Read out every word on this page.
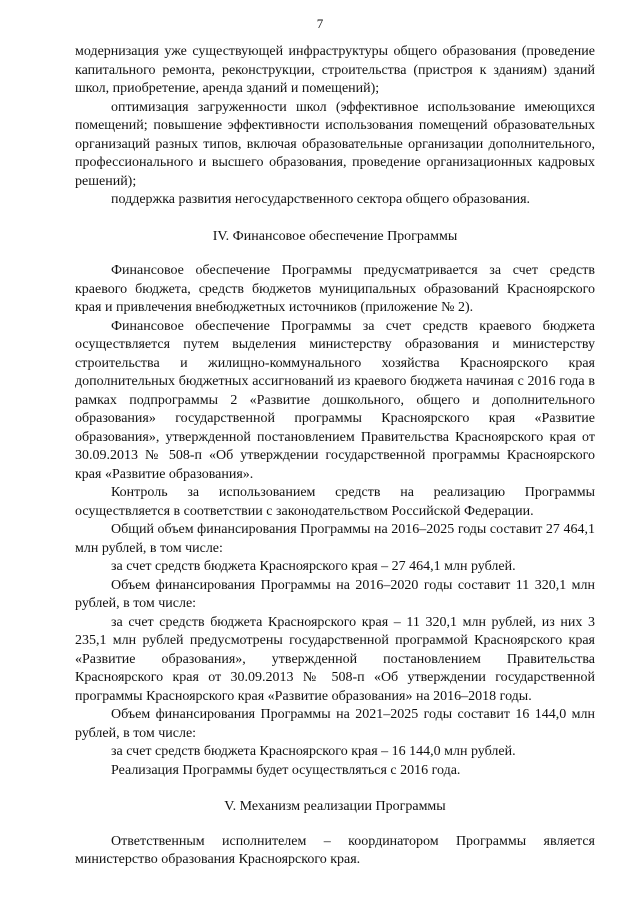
7

модернизация уже существующей инфраструктуры общего образования (проведение капитального ремонта, реконструкции, строительства (пристроя к зданиям) зданий школ, приобретение, аренда зданий и помещений);

оптимизация загруженности школ (эффективное использование имеющихся помещений; повышение эффективности использования помещений образовательных организаций разных типов, включая образовательные организации дополнительного, профессионального и высшего образования, проведение организационных кадровых решений);

поддержка развития негосударственного сектора общего образования.

IV. Финансовое обеспечение Программы

Финансовое обеспечение Программы предусматривается за счет средств краевого бюджета, средств бюджетов муниципальных образований Красноярского края и привлечения внебюджетных источников (приложение № 2).

Финансовое обеспечение Программы за счет средств краевого бюджета осуществляется путем выделения министерству образования и министерству строительства и жилищно-коммунального хозяйства Красноярского края дополнительных бюджетных ассигнований из краевого бюджета начиная с 2016 года в рамках подпрограммы 2 «Развитие дошкольного, общего и дополнительного образования» государственной программы Красноярского края «Развитие образования», утвержденной постановлением Правительства Красноярского края от 30.09.2013 № 508-п «Об утверждении государственной программы Красноярского края «Развитие образования».

Контроль за использованием средств на реализацию Программы осуществляется в соответствии с законодательством Российской Федерации.

Общий объем финансирования Программы на 2016–2025 годы составит 27 464,1 млн рублей, в том числе:

за счет средств бюджета Красноярского края – 27 464,1 млн рублей.

Объем финансирования Программы на 2016–2020 годы составит 11 320,1 млн рублей, в том числе:

за счет средств бюджета Красноярского края – 11 320,1 млн рублей, из них 3 235,1 млн рублей предусмотрены государственной программой Красноярского края «Развитие образования», утвержденной постановлением Правительства Красноярского края от 30.09.2013 № 508-п «Об утверждении государственной программы Красноярского края «Развитие образования» на 2016–2018 годы.

Объем финансирования Программы на 2021–2025 годы составит 16 144,0 млн рублей, в том числе:

за счет средств бюджета Красноярского края – 16 144,0 млн рублей.

Реализация Программы будет осуществляться с 2016 года.

V. Механизм реализации Программы

Ответственным исполнителем – координатором Программы является министерство образования Красноярского края.
